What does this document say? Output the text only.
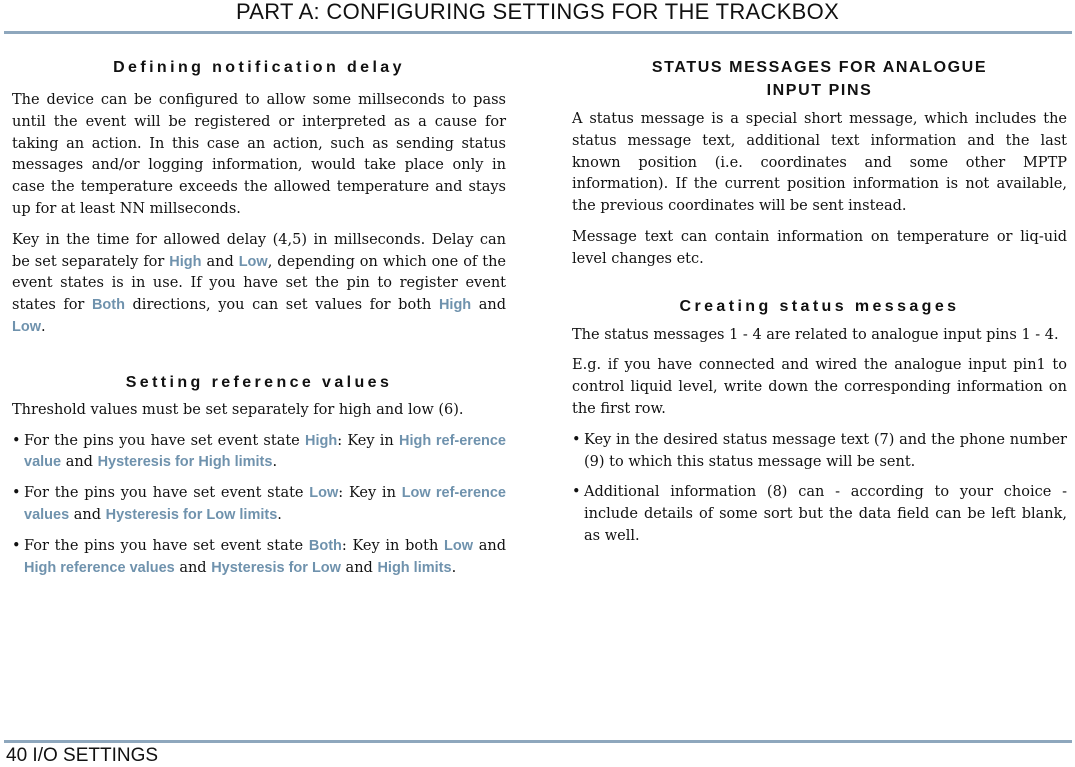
PART A: CONFIGURING SETTINGS FOR THE TRACKBOX
Defining notification delay

The device can be configured to allow some millseconds to pass until the event will be registered or interpreted as a cause for taking an action. In this case an action, such as sending status messages and/or logging information, would take place only in case the temperature exceeds the allowed temperature and stays up for at least NN millseconds.

Key in the time for allowed delay (4,5) in millseconds. Delay can be set separately for High and Low, depending on which one of the event states is in use. If you have set the pin to register event states for Both directions, you can set values for both High and Low.

Setting reference values

Threshold values must be set separately for high and low (6).

• For the pins you have set event state High: Key in High ref-erence value and Hysteresis for High limits.

• For the pins you have set event state Low: Key in Low ref-erence values and Hysteresis for Low limits.

• For the pins you have set event state Both: Key in both Low and High reference values and Hysteresis for Low and High limits.

STATUS MESSAGES FOR ANALOGUE
INPUT PINS

A status message is a special short message, which includes the status message text, additional text information and the last known position (i.e. coordinates and some other MPTP information). If the current position information is not available, the previous coordinates will be sent instead.

Message text can contain information on temperature or liq-uid level changes etc.

Creating status messages

The status messages 1 - 4 are related to analogue input pins 1 - 4.

E.g. if you have connected and wired the analogue input pin1 to control liquid level, write down the corresponding information on the first row.

• Key in the desired status message text (7) and the phone number (9) to which this status message will be sent.

• Additional information (8) can - according to your choice - include details of some sort but the data field can be left blank, as well.

40 I/O SETTINGS
